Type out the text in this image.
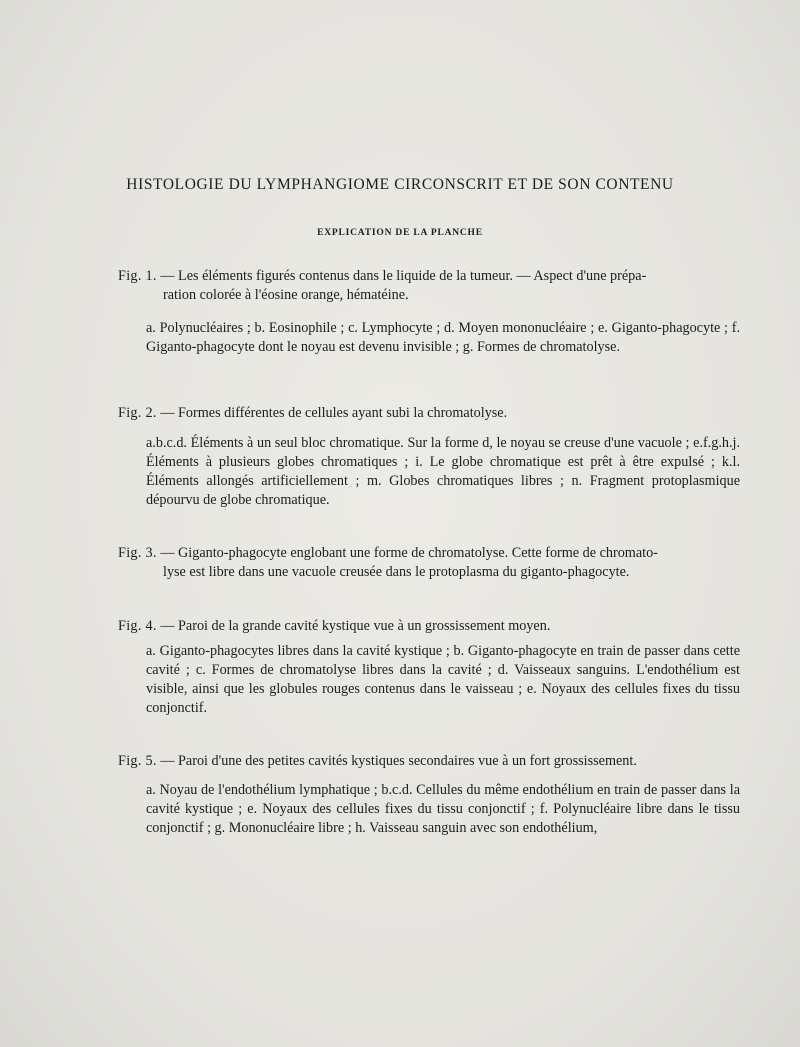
HISTOLOGIE DU LYMPHANGIOME CIRCONSCRIT ET DE SON CONTENU
EXPLICATION DE LA PLANCHE

Fig. 1. — Les éléments figurés contenus dans le liquide de la tumeur. — Aspect d'une prépa-
ration colorée à l'éosine orange, hématéine.

a. Polynucléaires ; b. Eosinophile ; c. Lymphocyte ; d. Moyen mononucléaire ; e. Giganto-phagocyte ; f. Giganto-phagocyte dont le noyau est devenu invisible ; g. Formes de chromatolyse.

Fig. 2. — Formes différentes de cellules ayant subi la chromatolyse.

a.b.c.d. Éléments à un seul bloc chromatique. Sur la forme d, le noyau se creuse d'une vacuole ; e.f.g.h.j. Éléments à plusieurs globes chromatiques ; i. Le globe chromatique est prêt à être expulsé ; k.l. Éléments allongés artificiellement ; m. Globes chromatiques libres ; n. Fragment protoplasmique dépourvu de globe chromatique.

Fig. 3. — Giganto-phagocyte englobant une forme de chromatolyse. Cette forme de chromato-
lyse est libre dans une vacuole creusée dans le protoplasma du giganto-phagocyte.

Fig. 4. — Paroi de la grande cavité kystique vue à un grossissement moyen.

a. Giganto-phagocytes libres dans la cavité kystique ; b. Giganto-phagocyte en train de passer dans cette cavité ; c. Formes de chromatolyse libres dans la cavité ; d. Vaisseaux sanguins. L'endothélium est visible, ainsi que les globules rouges contenus dans le vaisseau ; e. Noyaux des cellules fixes du tissu conjonctif.

Fig. 5. — Paroi d'une des petites cavités kystiques secondaires vue à un fort grossissement.

a. Noyau de l'endothélium lymphatique ; b.c.d. Cellules du même endothélium en train de passer dans la cavité kystique ; e. Noyaux des cellules fixes du tissu conjonctif ; f. Polynucléaire libre dans le tissu conjonctif ; g. Mononucléaire libre ; h. Vaisseau sanguin avec son endothélium,
